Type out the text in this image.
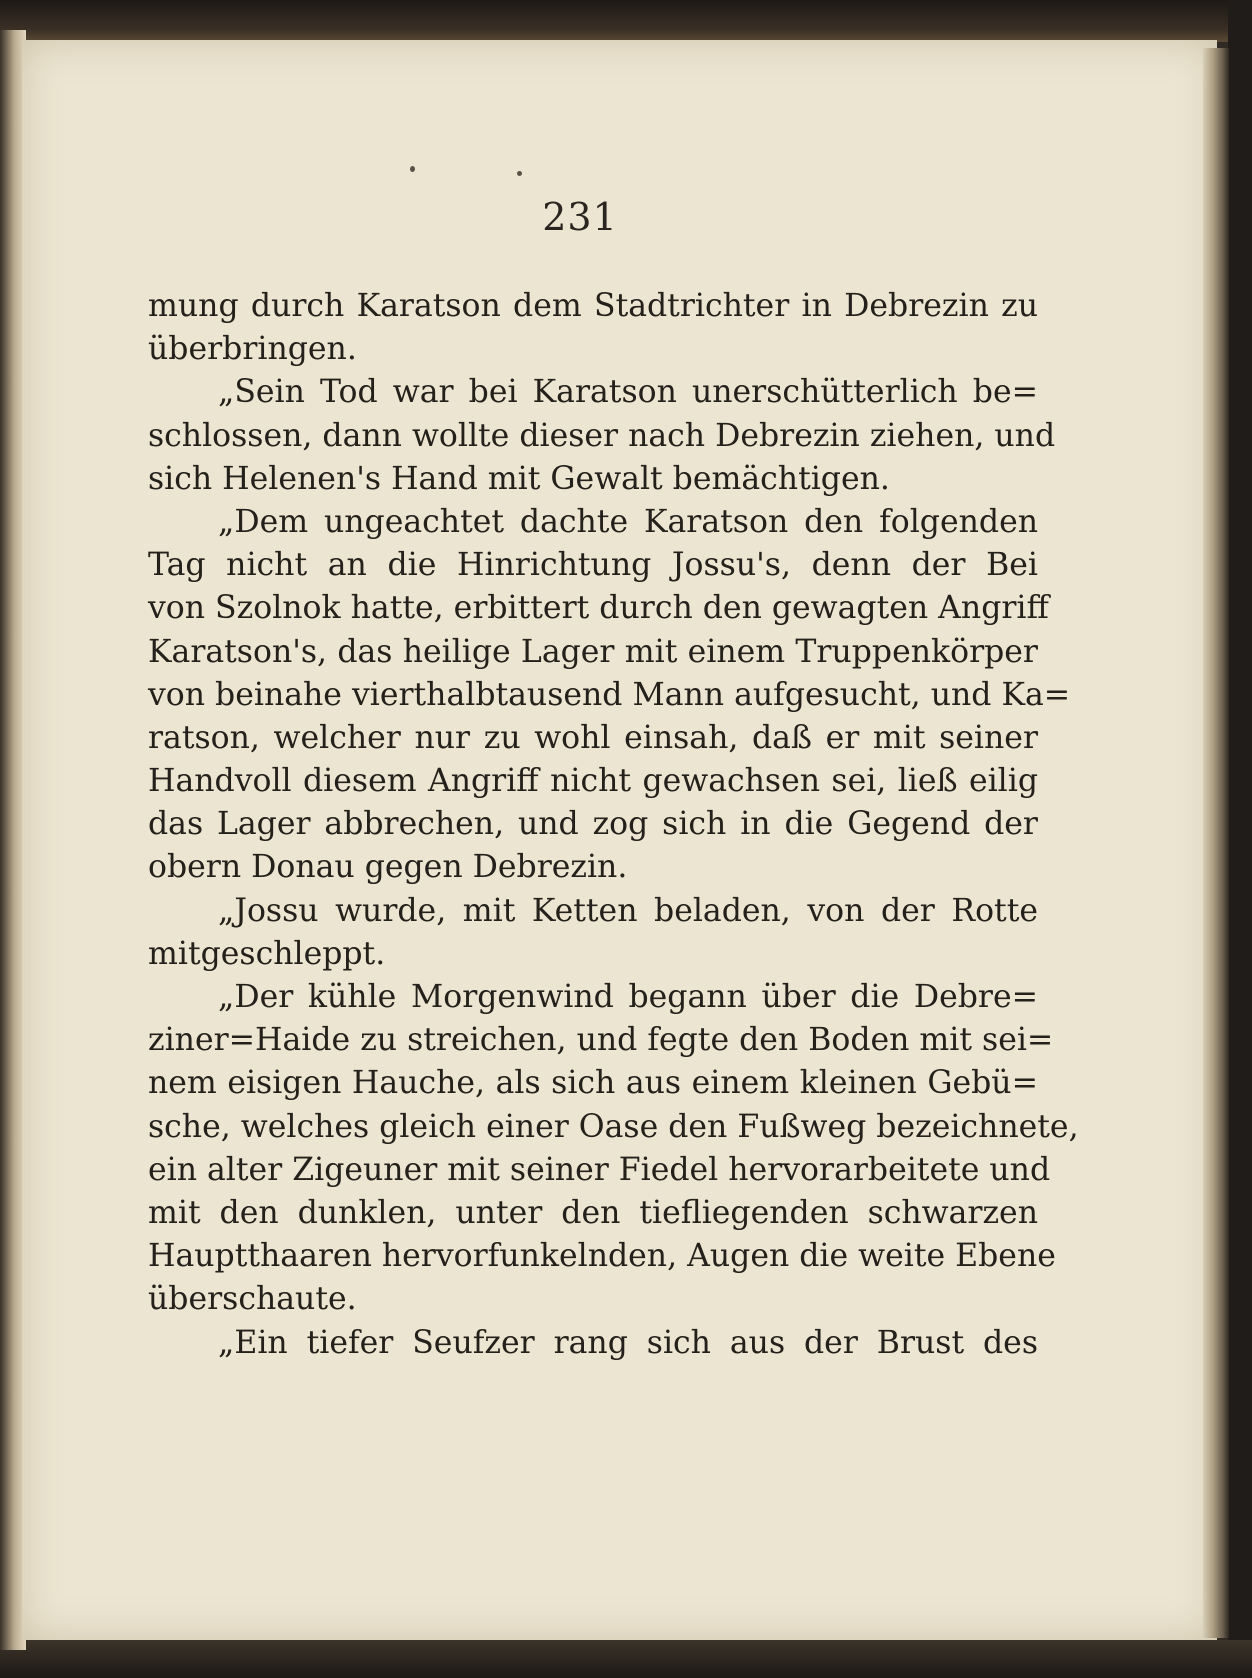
231
mung durch Karatson dem Stadtrichter in Debrezin zu
überbringen.
„Sein Tod war bei Karatson unerschütterlich be=
schlossen, dann wollte dieser nach Debrezin ziehen, und
sich Helenen's Hand mit Gewalt bemächtigen.
„Dem ungeachtet dachte Karatson den folgenden
Tag nicht an die Hinrichtung Jossu's, denn der Bei
von Szolnok hatte, erbittert durch den gewagten Angriff
Karatson's, das heilige Lager mit einem Truppenkörper
von beinahe vierthalbtausend Mann aufgesucht, und Ka=
ratson, welcher nur zu wohl einsah, daß er mit seiner
Handvoll diesem Angriff nicht gewachsen sei, ließ eilig
das Lager abbrechen, und zog sich in die Gegend der
obern Donau gegen Debrezin.
„Jossu wurde, mit Ketten beladen, von der Rotte
mitgeschleppt.
„Der kühle Morgenwind begann über die Debre=
ziner=Haide zu streichen, und fegte den Boden mit sei=
nem eisigen Hauche, als sich aus einem kleinen Gebü=
sche, welches gleich einer Oase den Fußweg bezeichnete,
ein alter Zigeuner mit seiner Fiedel hervorarbeitete und
mit den dunklen, unter den tiefliegenden schwarzen
Hauptthaaren hervorfunkelnden, Augen die weite Ebene
überschaute.
„Ein tiefer Seufzer rang sich aus der Brust des
